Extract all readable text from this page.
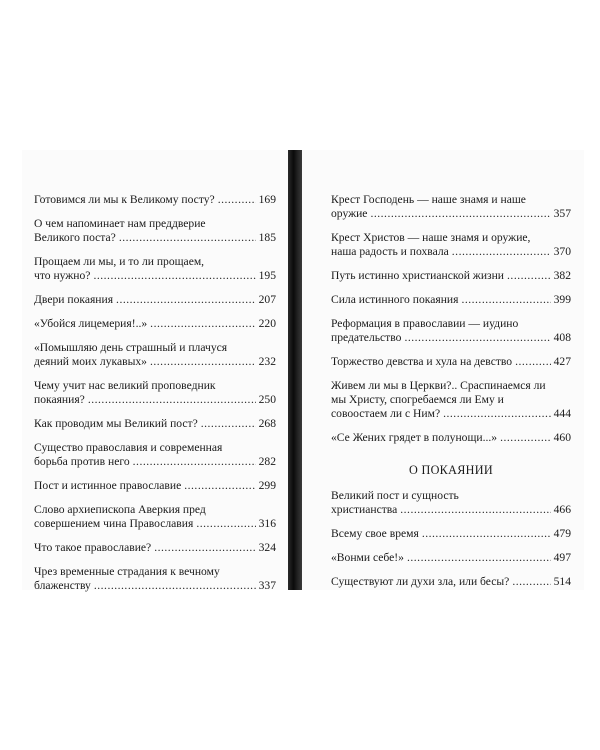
Готовимся ли мы к Великому посту? .....	169
О чем напоминает нам преддверие
Великого поста? .....	185
Прощаем ли мы, и то ли прощаем,
что нужно? .....	195
Двери покаяния .....	207
«Убойся лицемерия!..» .....	220
«Помышляю день страшный и плачуся
деяний моих лукавых» .....	232
Чему учит нас великий проповедник
покаяния? .....	250
Как проводим мы Великий пост? .....	268
Существо православия и современная
борьба против него .....	282
Пост и истинное православие .....	299
Слово архиепископа Аверкия пред
совершением чина Православия .....	316
Что такое православие? .....	324
Чрез временные страдания к вечному
блаженству .....	337
Крест Господень — наше знамя и наше
оружие .....	357
Крест Христов — наше знамя и оружие,
наша радость и похвала .....	370
Путь истинно христианской жизни .....	382
Сила истинного покаяния .....	399
Реформация в православии — иудино
предательство .....	408
Торжество девства и хула на девство .....	427
Живем ли мы в Церкви?.. Сраспинаемся ли
мы Христу, спогребаемся ли Ему и
совоостаем ли с Ним? .....	444
«Се Жених грядет в полунощи...» .....	460
О ПОКАЯНИИ
Великий пост и сущность
христианства .....	466
Всему свое время .....	479
«Вонми себе!» .....	497
Существуют ли духи зла, или бесы? .....	514
